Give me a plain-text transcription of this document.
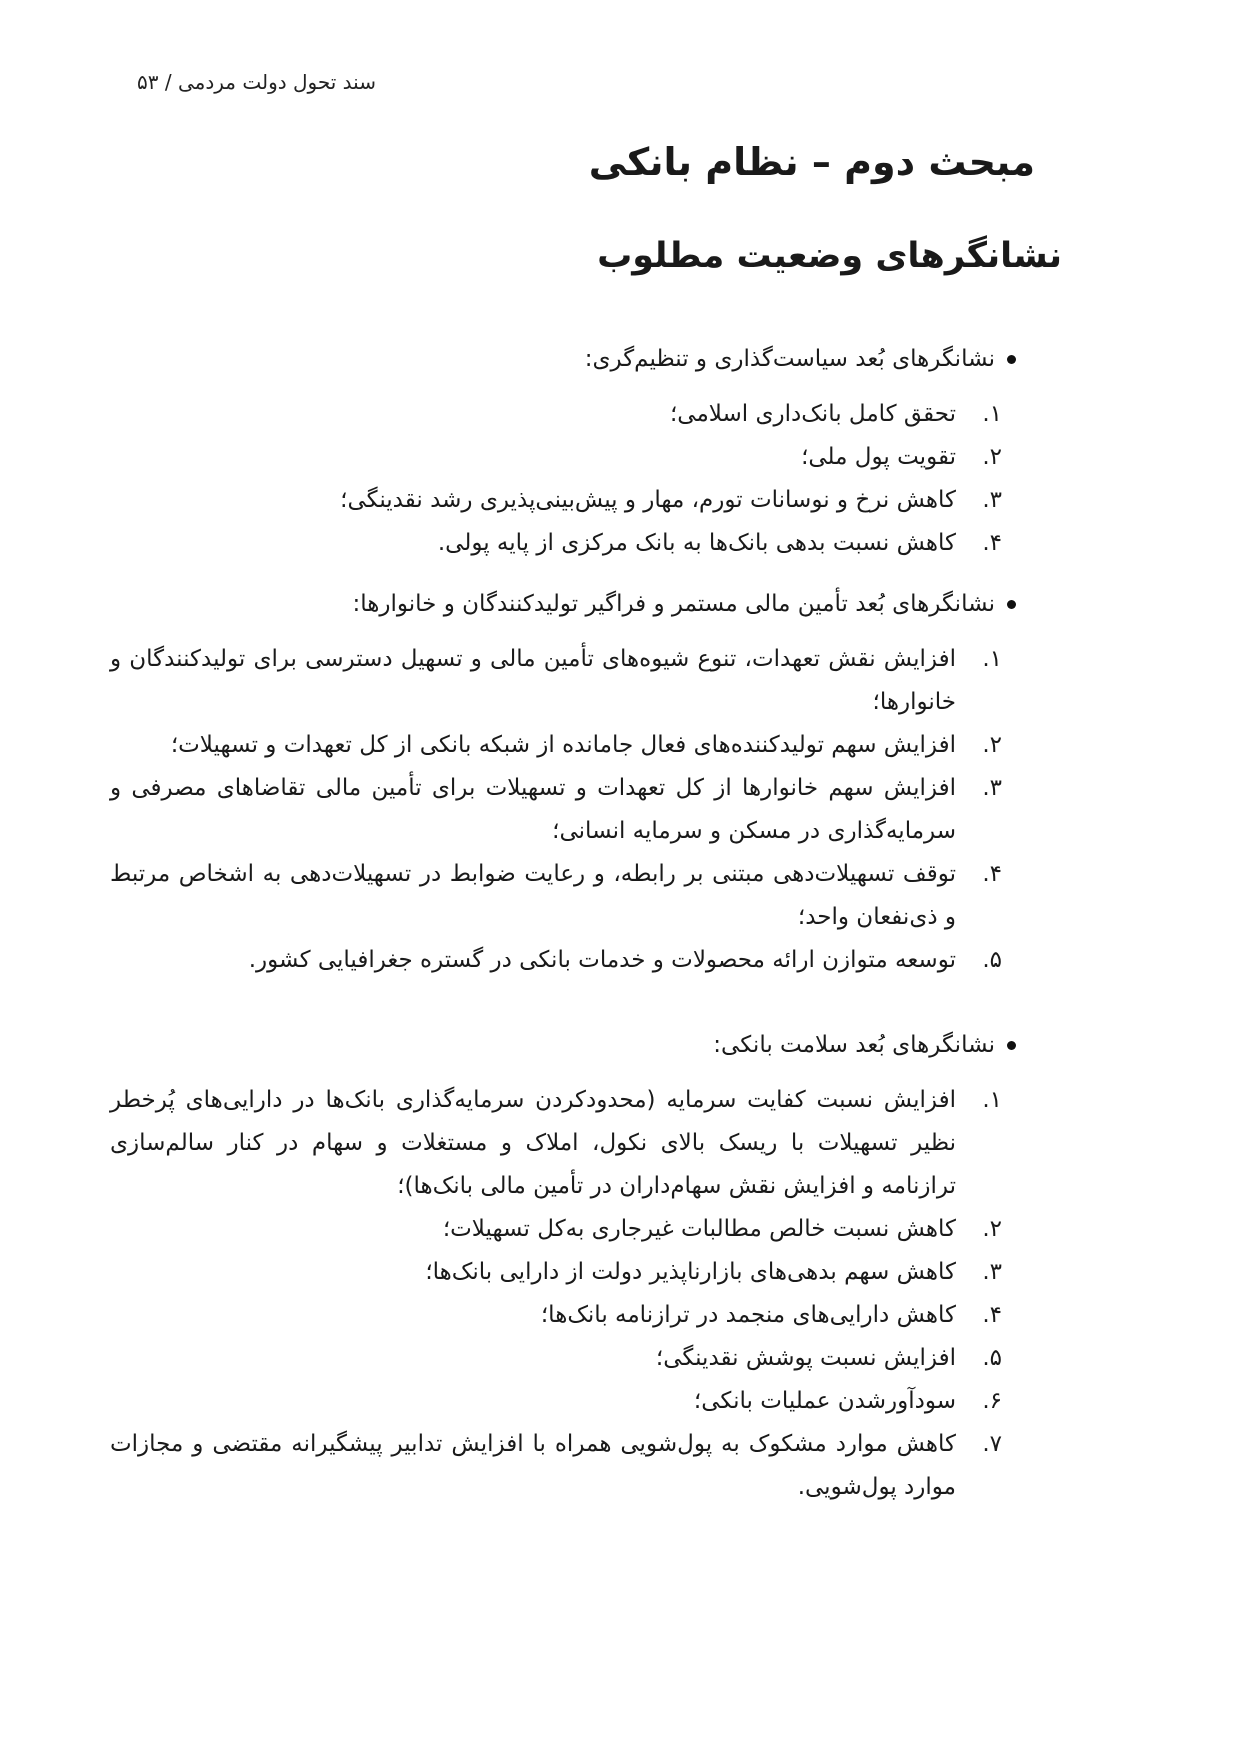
سند تحول دولت مردمی / ۵۳
مبحث دوم – نظام بانکی
نشانگرهای وضعیت مطلوب
نشانگرهای بُعد سیاست‌گذاری و تنظیم‌گری:
۱.
تحقق کامل بانک‌داری اسلامی؛
۲.
تقویت پول ملی؛
۳.
کاهش نرخ و نوسانات تورم، مهار و پیش‌بینی‌پذیری رشد نقدینگی؛
۴.
کاهش نسبت بدهی بانک‌ها به بانک مرکزی از پایه پولی.
نشانگرهای بُعد تأمین مالی مستمر و فراگیر تولیدکنندگان و خانوارها:
۱.
افزایش نقش تعهدات، تنوع شیوه‌های تأمین مالی و تسهیل دسترسی برای تولیدکنندگان و خانوارها؛
۲.
افزایش سهم تولیدکننده‌های فعال جامانده از شبکه بانکی از کل تعهدات و تسهیلات؛
۳.
افزایش سهم خانوارها از کل تعهدات و تسهیلات برای تأمین مالی تقاضاهای مصرفی و سرمایه‌گذاری در مسکن و سرمایه انسانی؛
۴.
توقف تسهیلات‌دهی مبتنی بر رابطه، و رعایت ضوابط در تسهیلات‌دهی به اشخاص مرتبط و ذی‌نفعان واحد؛
۵.
توسعه متوازن ارائه محصولات و خدمات بانکی در گستره جغرافیایی کشور.
نشانگرهای بُعد سلامت بانکی:
۱.
افزایش نسبت کفایت سرمایه (محدودکردن سرمایه‌گذاری بانک‌ها در دارایی‌های پُرخطر نظیر تسهیلات با ریسک بالای نکول، املاک و مستغلات و سهام در کنار سالم‌سازی ترازنامه و افزایش نقش سهام‌داران در تأمین مالی بانک‌ها)؛
۲.
کاهش نسبت خالص مطالبات غیرجاری به‌کل تسهیلات؛
۳.
کاهش سهم بدهی‌های بازارناپذیر دولت از دارایی بانک‌ها؛
۴.
کاهش دارایی‌های منجمد در ترازنامه بانک‌ها؛
۵.
افزایش نسبت پوشش نقدینگی؛
۶.
سودآورشدن عملیات بانکی؛
۷.
کاهش موارد مشکوک به پول‌شویی همراه با افزایش تدابیر پیشگیرانه مقتضی و مجازات موارد پول‌شویی.
